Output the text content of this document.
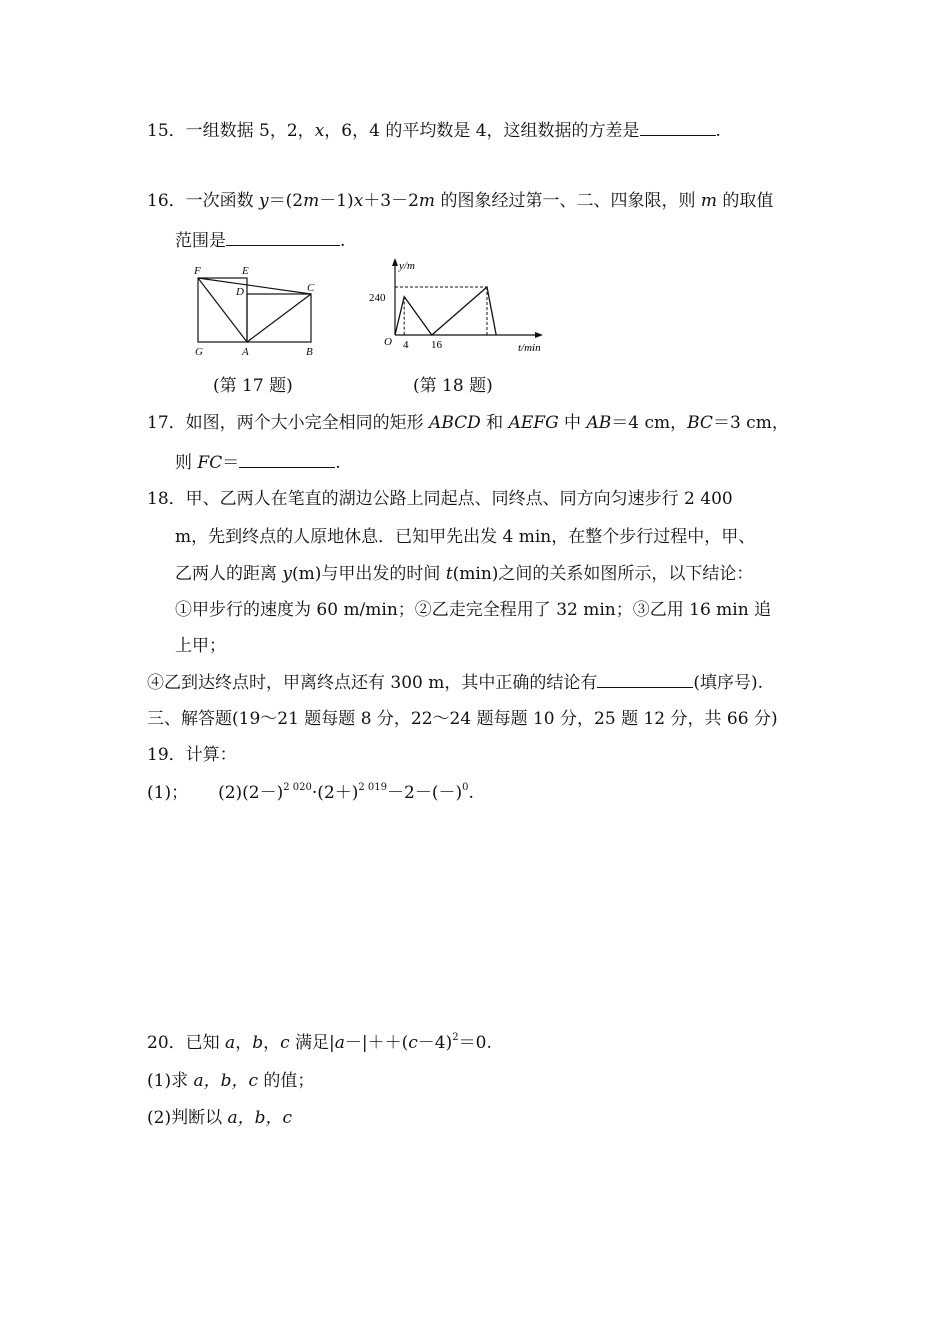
15．一组数据 5，2，x，6，4 的平均数是 4，这组数据的方差是	.
16．一次函数 y＝(2m－1)x＋3－2m 的图象经过第一、二、四象限，则 m 的取值
范围是	.
F	E
D	C
G	A	B
y/m
t/min
O
240
4 16
(第 17 题)	(第 18 题)
17．如图，两个大小完全相同的矩形 ABCD 和 AEFG 中 AB＝4 cm，BC＝3 cm，
则 FC＝	.
18．甲、乙两人在笔直的湖边公路上同起点、同终点、同方向匀速步行 2 400
m，先到终点的人原地休息．已知甲先出发 4 min，在整个步行过程中，甲、
乙两人的距离 y(m)与甲出发的时间 t(min)之间的关系如图所示，以下结论：
①甲步行的速度为 60 m/min；②乙走完全程用了 32 min；③乙用 16 min 追
上甲；
④乙到达终点时，甲离终点还有 300 m，其中正确的结论有	(填序号).
三、解答题(19～21 题每题 8 分，22～24 题每题 10 分，25 题 12 分，共 66 分)
19．计算：
(1)； $(2)(2-)^{2 020}\cdot(2+)^{2 019}-2-(-)^0$.
20．已知 a，b，c 满足$|a-|++(c-4)^2=0$.
(1)求 a，b，c 的值；
(2)判断以 a，b，c
